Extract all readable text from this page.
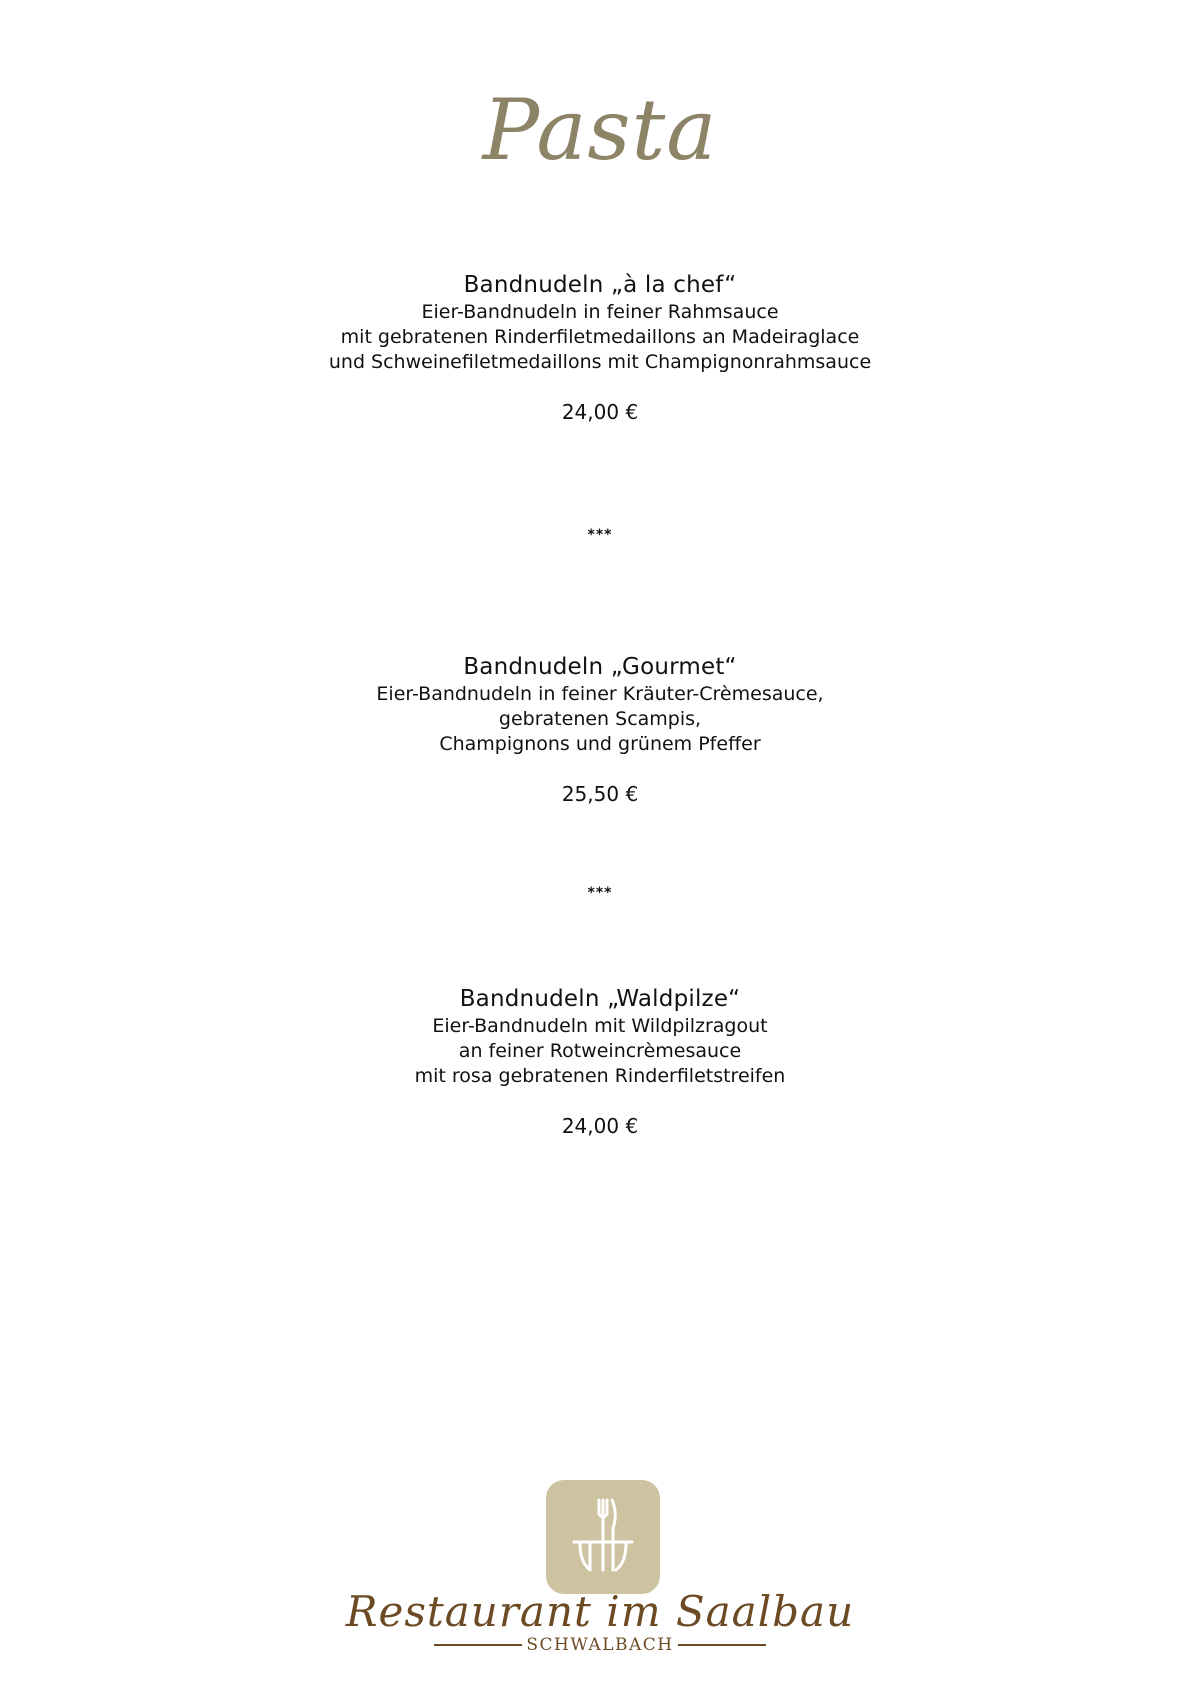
Pasta
Bandnudeln „à la chef“
Eier-Bandnudeln in feiner Rahmsauce
mit gebratenen Rinderfiletmedaillons an Madeiraglace
und Schweinefiletmedaillons mit Champignonrahmsauce
24,00 €
***
Bandnudeln „Gourmet“
Eier-Bandnudeln in feiner Kräuter-Crèmesauce,
gebratenen Scampis,
Champignons und grünem Pfeffer
25,50 €
***
Bandnudeln „Waldpilze“
Eier-Bandnudeln mit Wildpilzragout
an feiner Rotweincrèmesauce
mit rosa gebratenen Rinderfiletstreifen
24,00 €
Restaurant im Saalbau
SCHWALBACH
